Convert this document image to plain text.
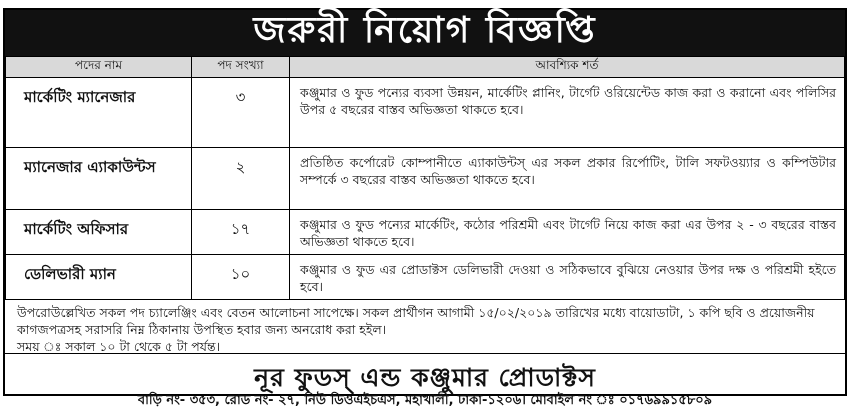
জরুরী নিয়োগ বিজ্ঞপ্তি
পদের নাম	পদ সংখ্যা	আবশ্যিক শর্ত
মার্কেটিং ম্যানেজার	৩	কঞ্জুমার ও ফুড পন্যের ব্যবসা উন্নয়ন, মার্কেটিং প্লানিং, টার্গেট ওরিয়েন্টেড কাজ করা ও করানো এবং পলিসির উপর ৫ বছরের বাস্তব অভিজ্ঞতা থাকতে হবে।
ম্যানেজার এ্যাকাউন্টস	২	প্রতিষ্ঠিত কর্পোরেট কোম্পানীতে এ্যাকাউন্টস্ এর সকল প্রকার রির্পোটিং, টালি সফটওয়্যার ও কম্পিউটার সম্পর্কে ৩ বছরের বাস্তব অভিজ্ঞতা থাকতে হবে।
মার্কেটিং অফিসার	১৭	কঞ্জুমার ও ফুড পন্যের মার্কেটিং, কঠোর পরিশ্রমী এবং টার্গেট নিয়ে কাজ করা এর উপর ২ - ৩ বছরের বাস্তব অভিজ্ঞতা থাকতে হবে।
ডেলিভারী ম্যান	১০	কঞ্জুমার ও ফুড এর প্রোডাক্টস ডেলিভারী দেওয়া ও সঠিকভাবে বুঝিয়ে নেওয়ার উপর দক্ষ ও পরিশ্রমী হইতে হবে।
উপরোউল্লেখিত সকল পদ চ্যালেঞ্জিং এবং বেতন আলোচনা সাপেক্ষে। সকল প্রার্থীগন আগামী ১৫/০২/২০১৯ তারিখের মধ্যে বায়োডাটা, ১ কপি ছবি ও প্রয়োজনীয় কাগজপত্রসহ সরাসরি নিম্ন ঠিকানায় উপস্থিত হবার জন্য অনরোধ করা হইল।
সময় ঃ সকাল ১০ টা থেকে ৫ টা পর্যন্ত।
নূর ফুডস্ এন্ড কঞ্জুমার প্রোডাক্টস
বাড়ি নং- ৩৫৩, রোড নং- ২৭, নিউ ডিওএইচএস, মহাখালী, ঢাকা-১২০৬। মোবাইল নং ঃ ০১৭৬৯৯১৫৮০৯
